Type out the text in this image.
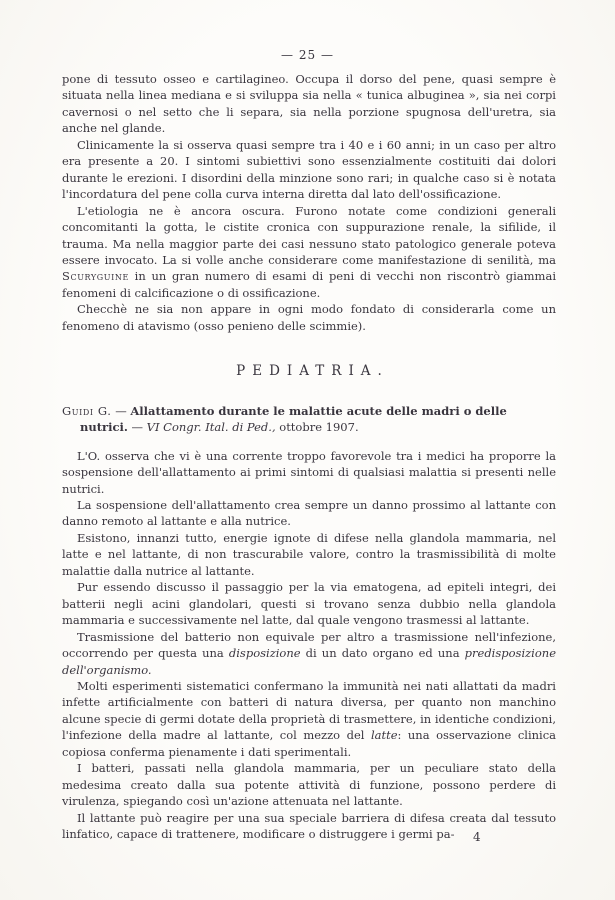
— 25 —

pone di tessuto osseo e cartilagineo. Occupa il dorso del pene, quasi sempre è situata nella linea mediana e si sviluppa sia nella « tunica albuginea », sia nei corpi cavernosi o nel setto che li separa, sia nella porzione spugnosa dell'uretra, sia anche nel glande.

Clinicamente la si osserva quasi sempre tra i 40 e i 60 anni; in un caso per altro era presente a 20. I sintomi subiettivi sono essenzialmente costituiti dai dolori durante le erezioni. I disordini della minzione sono rari; in qualche caso si è notata l'incordatura del pene colla curva interna diretta dal lato dell'ossificazione.

L'etiologia ne è ancora oscura. Furono notate come condizioni generali concomitanti la gotta, le cistite cronica con suppurazione renale, la sifilide, il trauma. Ma nella maggior parte dei casi nessuno stato patologico generale poteva essere invocato. La si volle anche considerare come manifestazione di senilità, ma Scuryguine in un gran numero di esami di peni di vecchi non riscontrò giammai fenomeni di calcificazione o di ossificazione.

Checchè ne sia non appare in ogni modo fondato di considerarla come un fenomeno di atavismo (osso penieno delle scimmie).

PEDIATRIA.

Guidi G. — Allattamento durante le malattie acute delle madri o delle nutrici. — VI Congr. Ital. di Ped., ottobre 1907.

L'O. osserva che vi è una corrente troppo favorevole tra i medici ha proporre la sospensione dell'allattamento ai primi sintomi di qualsiasi malattia si presenti nelle nutrici.

La sospensione dell'allattamento crea sempre un danno prossimo al lattante con danno remoto al lattante e alla nutrice.

Esistono, innanzi tutto, energie ignote di difese nella glandola mammaria, nel latte e nel lattante, di non trascurabile valore, contro la trasmissibilità di molte malattie dalla nutrice al lattante.

Pur essendo discusso il passaggio per la via ematogena, ad epiteli integri, dei batterii negli acini glandolari, questi si trovano senza dubbio nella glandola mammaria e successivamente nel latte, dal quale vengono trasmessi al lattante.

Trasmissione del batterio non equivale per altro a trasmissione nell'infezione, occorrendo per questa una disposizione di un dato organo ed una predisposizione dell'organismo.

Molti esperimenti sistematici confermano la immunità nei nati allattati da madri infette artificialmente con batteri di natura diversa, per quanto non manchino alcune specie di germi dotate della proprietà di trasmettere, in identiche condizioni, l'infezione della madre al lattante, col mezzo del latte: una osservazione clinica copiosa conferma pienamente i dati sperimentali.

I batteri, passati nella glandola mammaria, per un peculiare stato della medesima creato dalla sua potente attività di funzione, possono perdere di virulenza, spiegando così un'azione attenuata nel lattante.

Il lattante può reagire per una sua speciale barriera di difesa creata dal tessuto linfatico, capace di trattenere, modificare o distruggere i germi pa-	4
